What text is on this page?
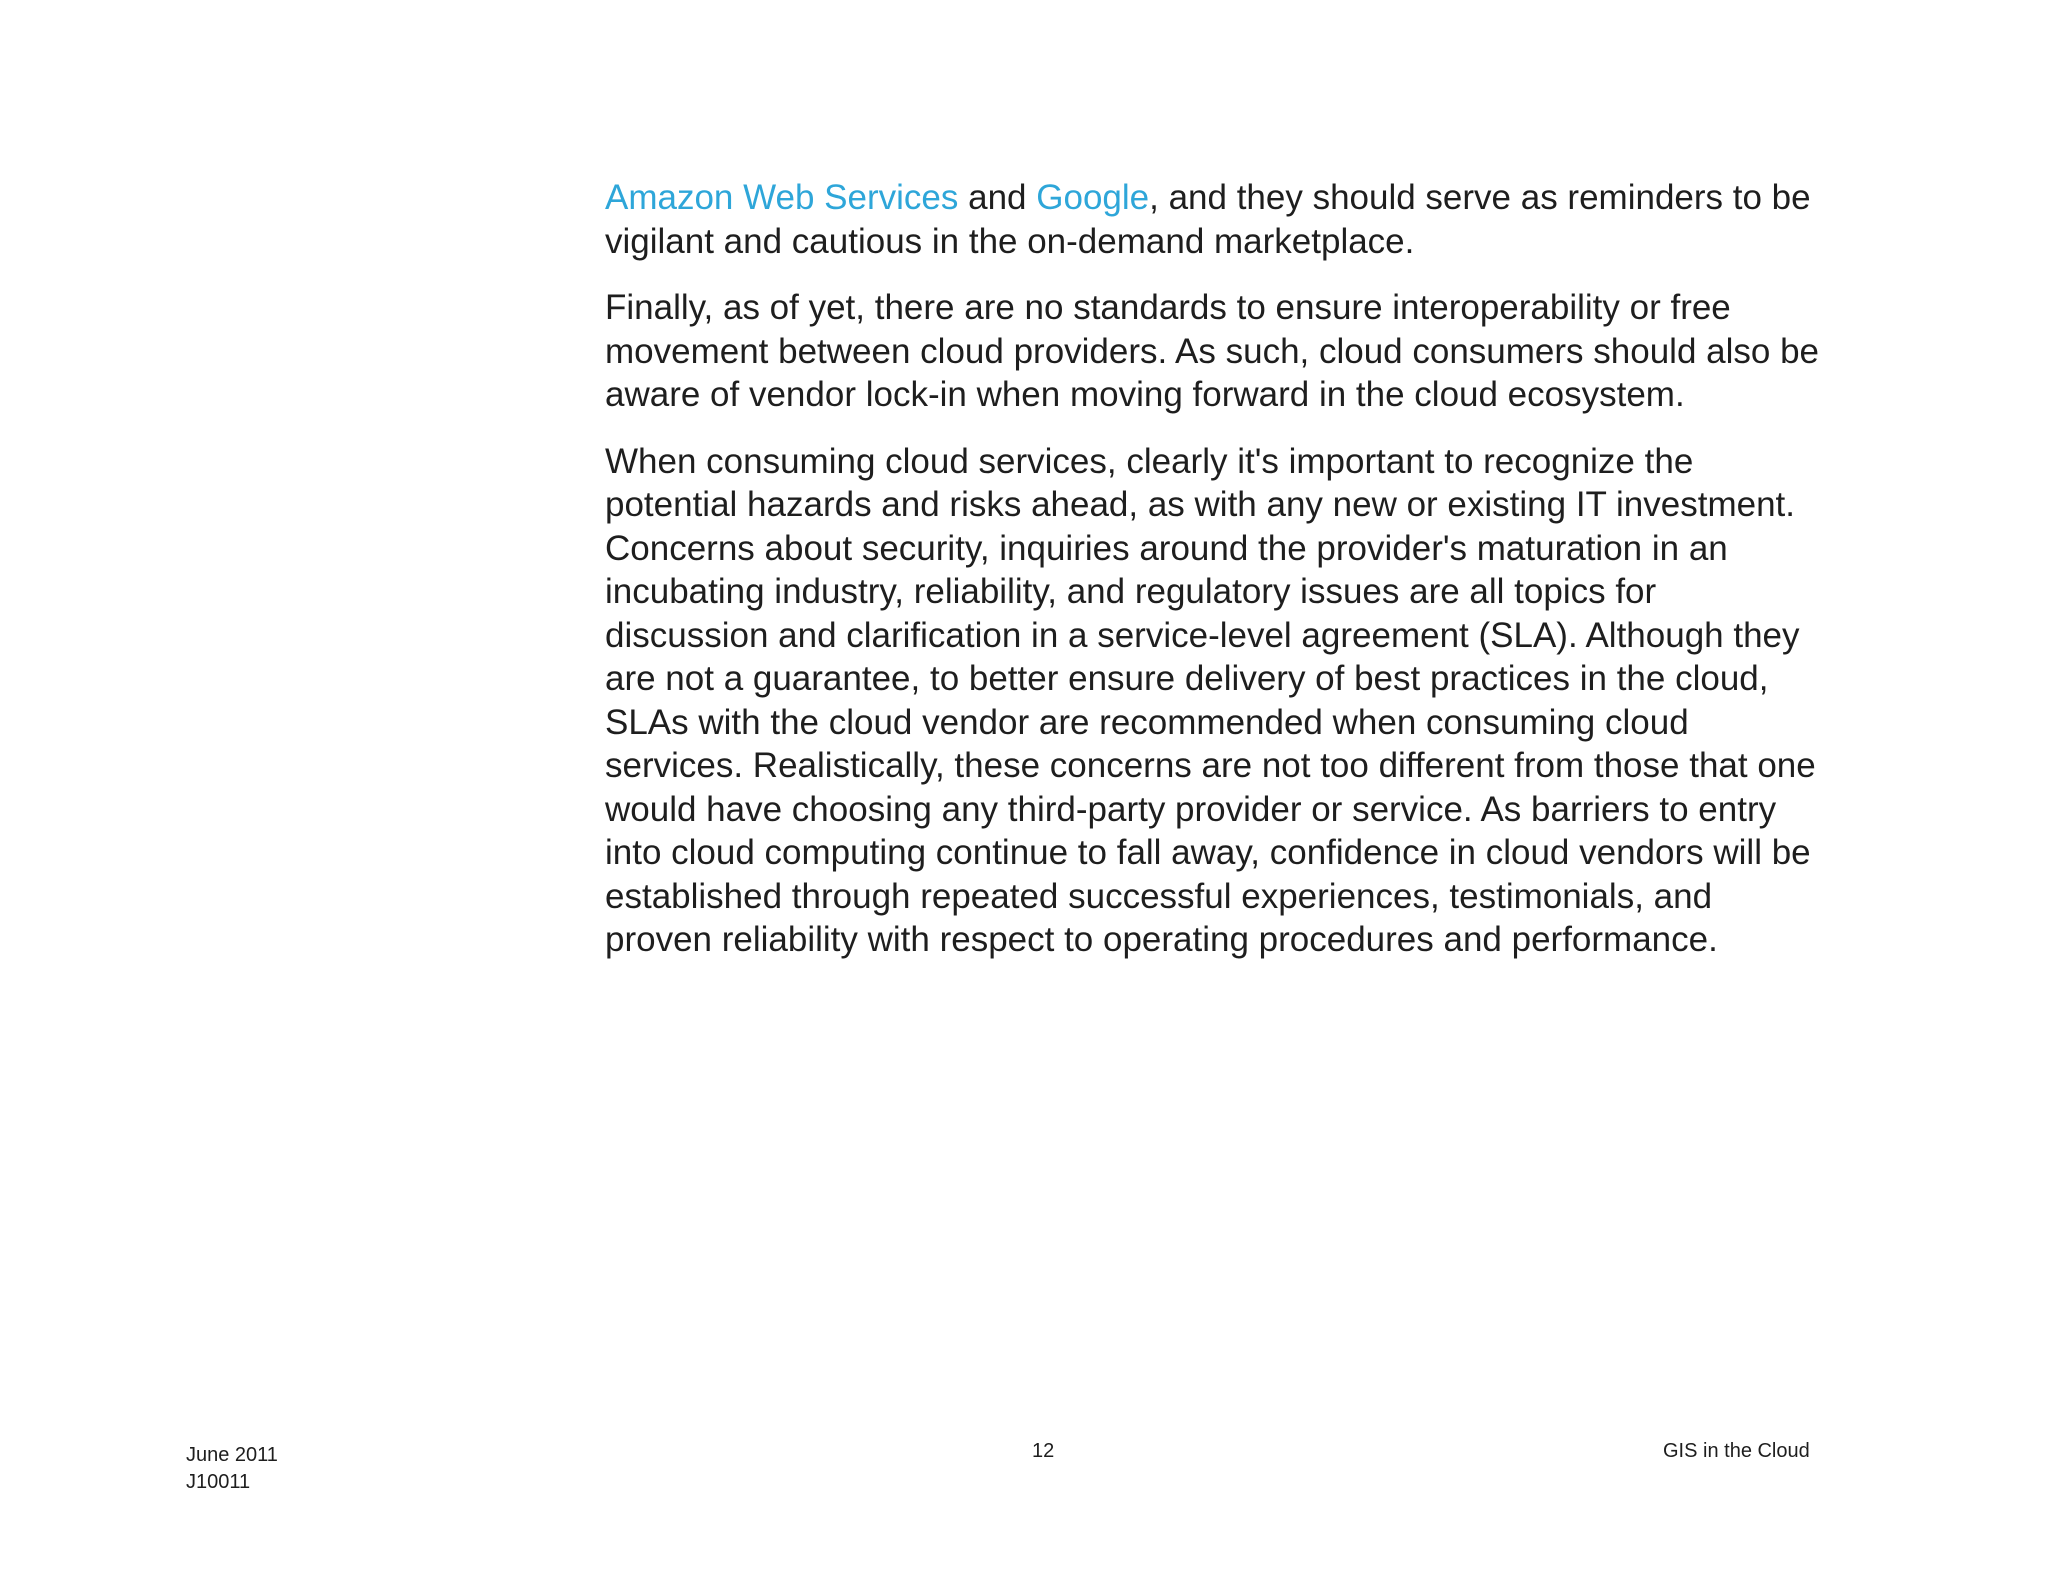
Amazon Web Services and Google, and they should serve as reminders to be vigilant and cautious in the on-demand marketplace.

Finally, as of yet, there are no standards to ensure interoperability or free movement between cloud providers. As such, cloud consumers should also be aware of vendor lock-in when moving forward in the cloud ecosystem.

When consuming cloud services, clearly it's important to recognize the potential hazards and risks ahead, as with any new or existing IT investment. Concerns about security, inquiries around the provider's maturation in an incubating industry, reliability, and regulatory issues are all topics for discussion and clarification in a service-level agreement (SLA). Although they are not a guarantee, to better ensure delivery of best practices in the cloud, SLAs with the cloud vendor are recommended when consuming cloud services. Realistically, these concerns are not too different from those that one would have choosing any third-party provider or service. As barriers to entry into cloud computing continue to fall away, confidence in cloud vendors will be established through repeated successful experiences, testimonials, and proven reliability with respect to operating procedures and performance.

June 2011
J10011
12	GIS in the Cloud
